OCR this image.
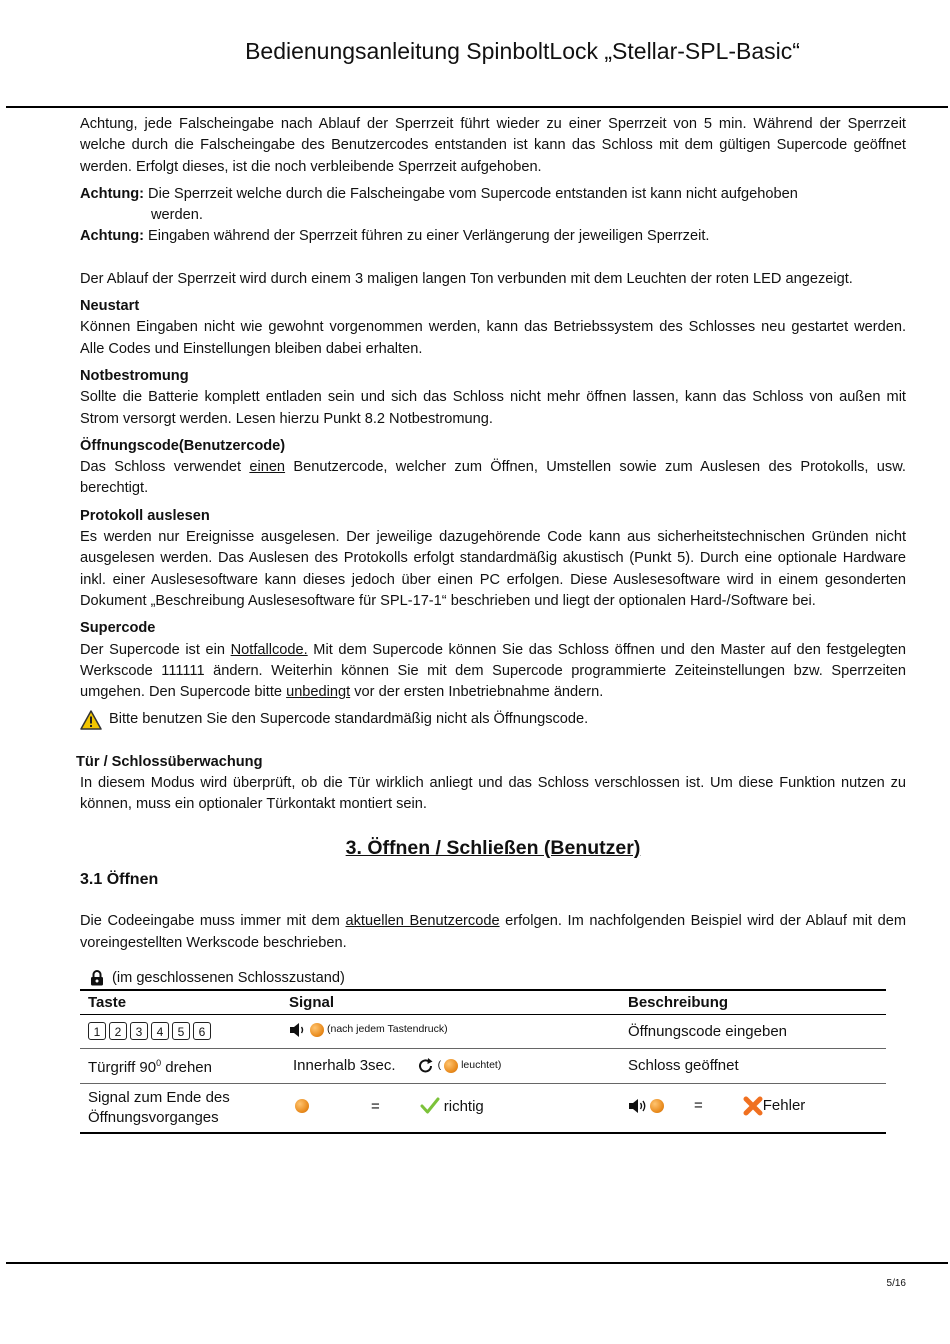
Bedienungsanleitung SpinboltLock „Stellar-SPL-Basic“

Achtung, jede Falscheingabe nach Ablauf der Sperrzeit führt wieder zu einer Sperrzeit von 5 min. Während der Sperrzeit welche durch die Falscheingabe des Benutzercodes entstanden ist kann das Schloss mit dem gültigen Supercode geöffnet werden. Erfolgt dieses, ist die noch verbleibende Sperrzeit aufgehoben.

Achtung: Die Sperrzeit welche durch die Falscheingabe vom Supercode entstanden ist kann nicht aufgehoben

werden.

Achtung: Eingaben während der Sperrzeit führen zu einer Verlängerung der jeweiligen Sperrzeit.

Der Ablauf der Sperrzeit wird durch einem 3 maligen langen Ton verbunden mit dem Leuchten der roten LED angezeigt.

Neustart

Können Eingaben nicht wie gewohnt vorgenommen werden, kann das Betriebssystem des Schlosses neu gestartet werden. Alle Codes und Einstellungen bleiben dabei erhalten.

Notbestromung

Sollte die Batterie komplett entladen sein und sich das Schloss nicht mehr öffnen lassen, kann das Schloss von außen mit Strom versorgt werden. Lesen hierzu Punkt 8.2 Notbestromung.

Öffnungscode(Benutzercode)

Das Schloss verwendet einen Benutzercode, welcher zum Öffnen, Umstellen sowie zum Auslesen des Protokolls, usw. berechtigt.

Protokoll auslesen

Es werden nur Ereignisse ausgelesen. Der jeweilige dazugehörende Code kann aus sicherheitstechnischen Gründen nicht ausgelesen werden. Das Auslesen des Protokolls erfolgt standardmäßig akustisch (Punkt 5). Durch eine optionale Hardware inkl. einer Auslesesoftware kann dieses jedoch über einen PC erfolgen. Diese Auslesesoftware wird in einem gesonderten Dokument „Beschreibung Auslesesoftware für SPL-17-1“ beschrieben und liegt der optionalen Hard-/Software bei.

Supercode

Der Supercode ist ein Notfallcode. Mit dem Supercode können Sie das Schloss öffnen und den Master auf den festgelegten Werkscode 111111 ändern. Weiterhin können Sie mit dem Supercode programmierte Zeiteinstellungen bzw. Sperrzeiten umgehen. Den Supercode bitte unbedingt vor der ersten Inbetriebnahme ändern.

Bitte benutzen Sie den Supercode standardmäßig nicht als Öffnungscode.

Tür / Schlossüberwachung

In diesem Modus wird überprüft, ob die Tür wirklich anliegt und das Schloss verschlossen ist. Um diese Funktion nutzen zu können, muss ein optionaler Türkontakt montiert sein.

3. Öffnen / Schließen (Benutzer)

3.1 Öffnen

Die Codeeingabe muss immer mit dem aktuellen Benutzercode erfolgen. Im nachfolgenden Beispiel wird der Ablauf mit dem voreingestellten Werkscode beschrieben.

(im geschlossenen Schlosszustand)
Taste	Signal	Beschreibung
1 2 3 4 5 6	(nach jedem Tastendruck)	Öffnungscode eingeben
Türgriff $90^0$ drehen	Innerhalb 3sec. ( leuchtet)	Schloss geöffnet
Signal zum Ende des Öffnungsvorganges	= richtig	= Fehler
5/16
